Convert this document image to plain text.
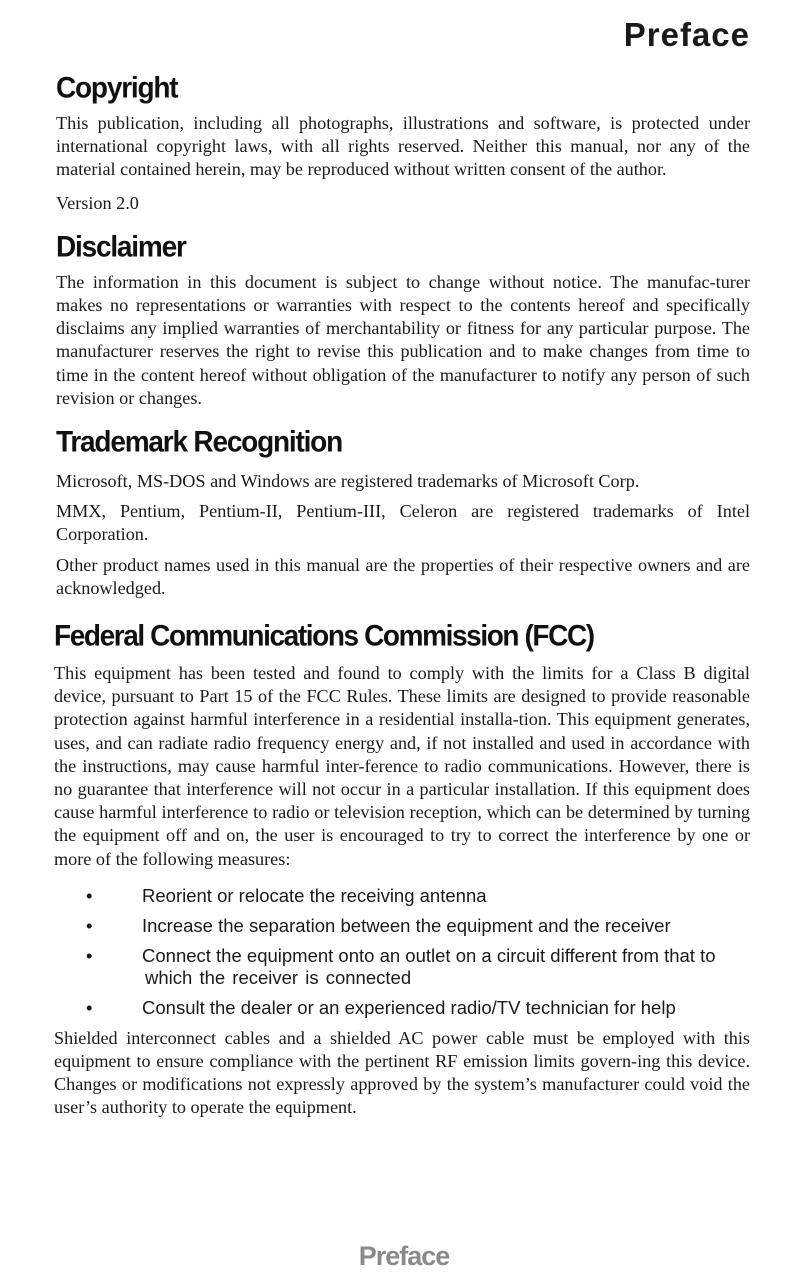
Preface
Copyright

This publication, including all photographs, illustrations and software, is protected under international copyright laws, with all rights reserved. Neither this manual, nor any of the material contained herein, may be reproduced without written consent of the author.

Version 2.0

Disclaimer

The information in this document is subject to change without notice. The manufac-turer makes no representations or warranties with respect to the contents hereof and specifically disclaims any implied warranties of merchantability or fitness for any particular purpose. The manufacturer reserves the right to revise this publication and to make changes from time to time in the content hereof without obligation of the manufacturer to notify any person of such revision or changes.

Trademark Recognition

Microsoft, MS-DOS and Windows are registered trademarks of Microsoft Corp.

MMX, Pentium, Pentium-II, Pentium-III, Celeron are registered trademarks of Intel Corporation.

Other product names used in this manual are the properties of their respective owners and are acknowledged.

Federal Communications Commission (FCC)

This equipment has been tested and found to comply with the limits for a Class B digital device, pursuant to Part 15 of the FCC Rules. These limits are designed to provide reasonable protection against harmful interference in a residential installa-tion. This equipment generates, uses, and can radiate radio frequency energy and, if not installed and used in accordance with the instructions, may cause harmful inter-ference to radio communications. However, there is no guarantee that interference will not occur in a particular installation. If this equipment does cause harmful interference to radio or television reception, which can be determined by turning the equipment off and on, the user is encouraged to try to correct the interference by one or more of the following measures:

•	Reorient or relocate the receiving antenna
•	Increase the separation between the equipment and the receiver
•	Connect the equipment onto an outlet on a circuit different from that to
which the receiver is connected
•	Consult the dealer or an experienced radio/TV technician for help

Shielded interconnect cables and a shielded AC power cable must be employed with this equipment to ensure compliance with the pertinent RF emission limits govern-ing this device. Changes or modifications not expressly approved by the system’s manufacturer could void the user’s authority to operate the equipment.

Preface
